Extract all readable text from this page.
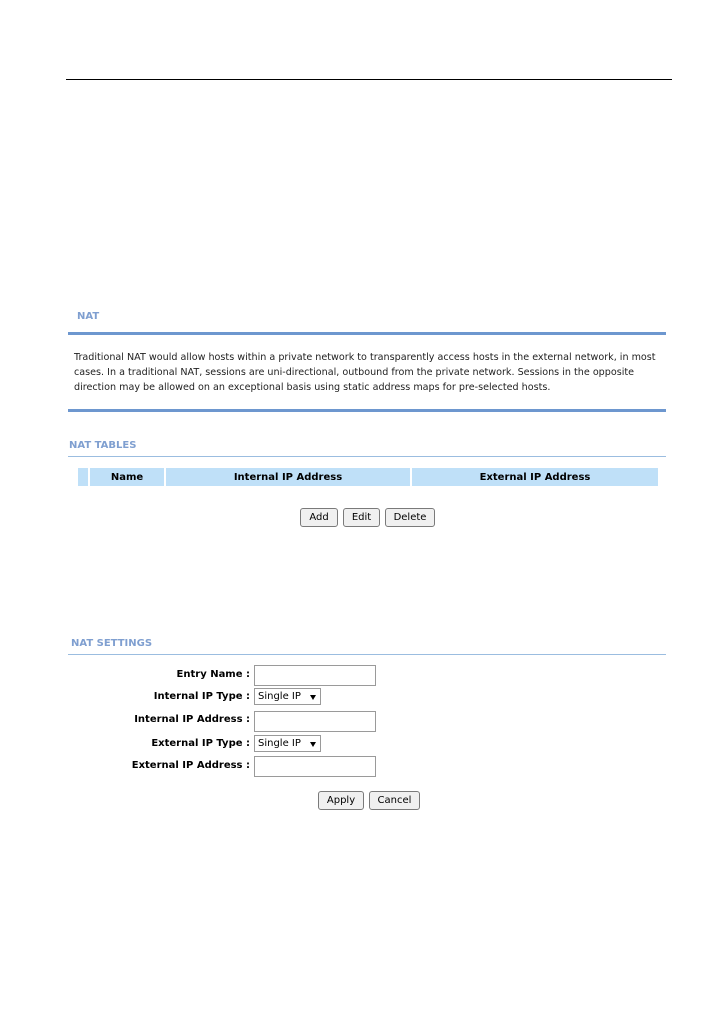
NAT
Traditional NAT would allow hosts within a private network to transparently access hosts in the external network, in most cases. In a traditional NAT, sessions are uni-directional, outbound from the private network. Sessions in the opposite direction may be allowed on an exceptional basis using static address maps for pre-selected hosts.
NAT TABLES
	Name	Internal IP Address	External IP Address
Add	Edit	Delete
NAT SETTINGS
Entry Name :
Internal IP Type : Single IP
Internal IP Address :
External IP Type : Single IP
External IP Address :
Apply	Cancel
